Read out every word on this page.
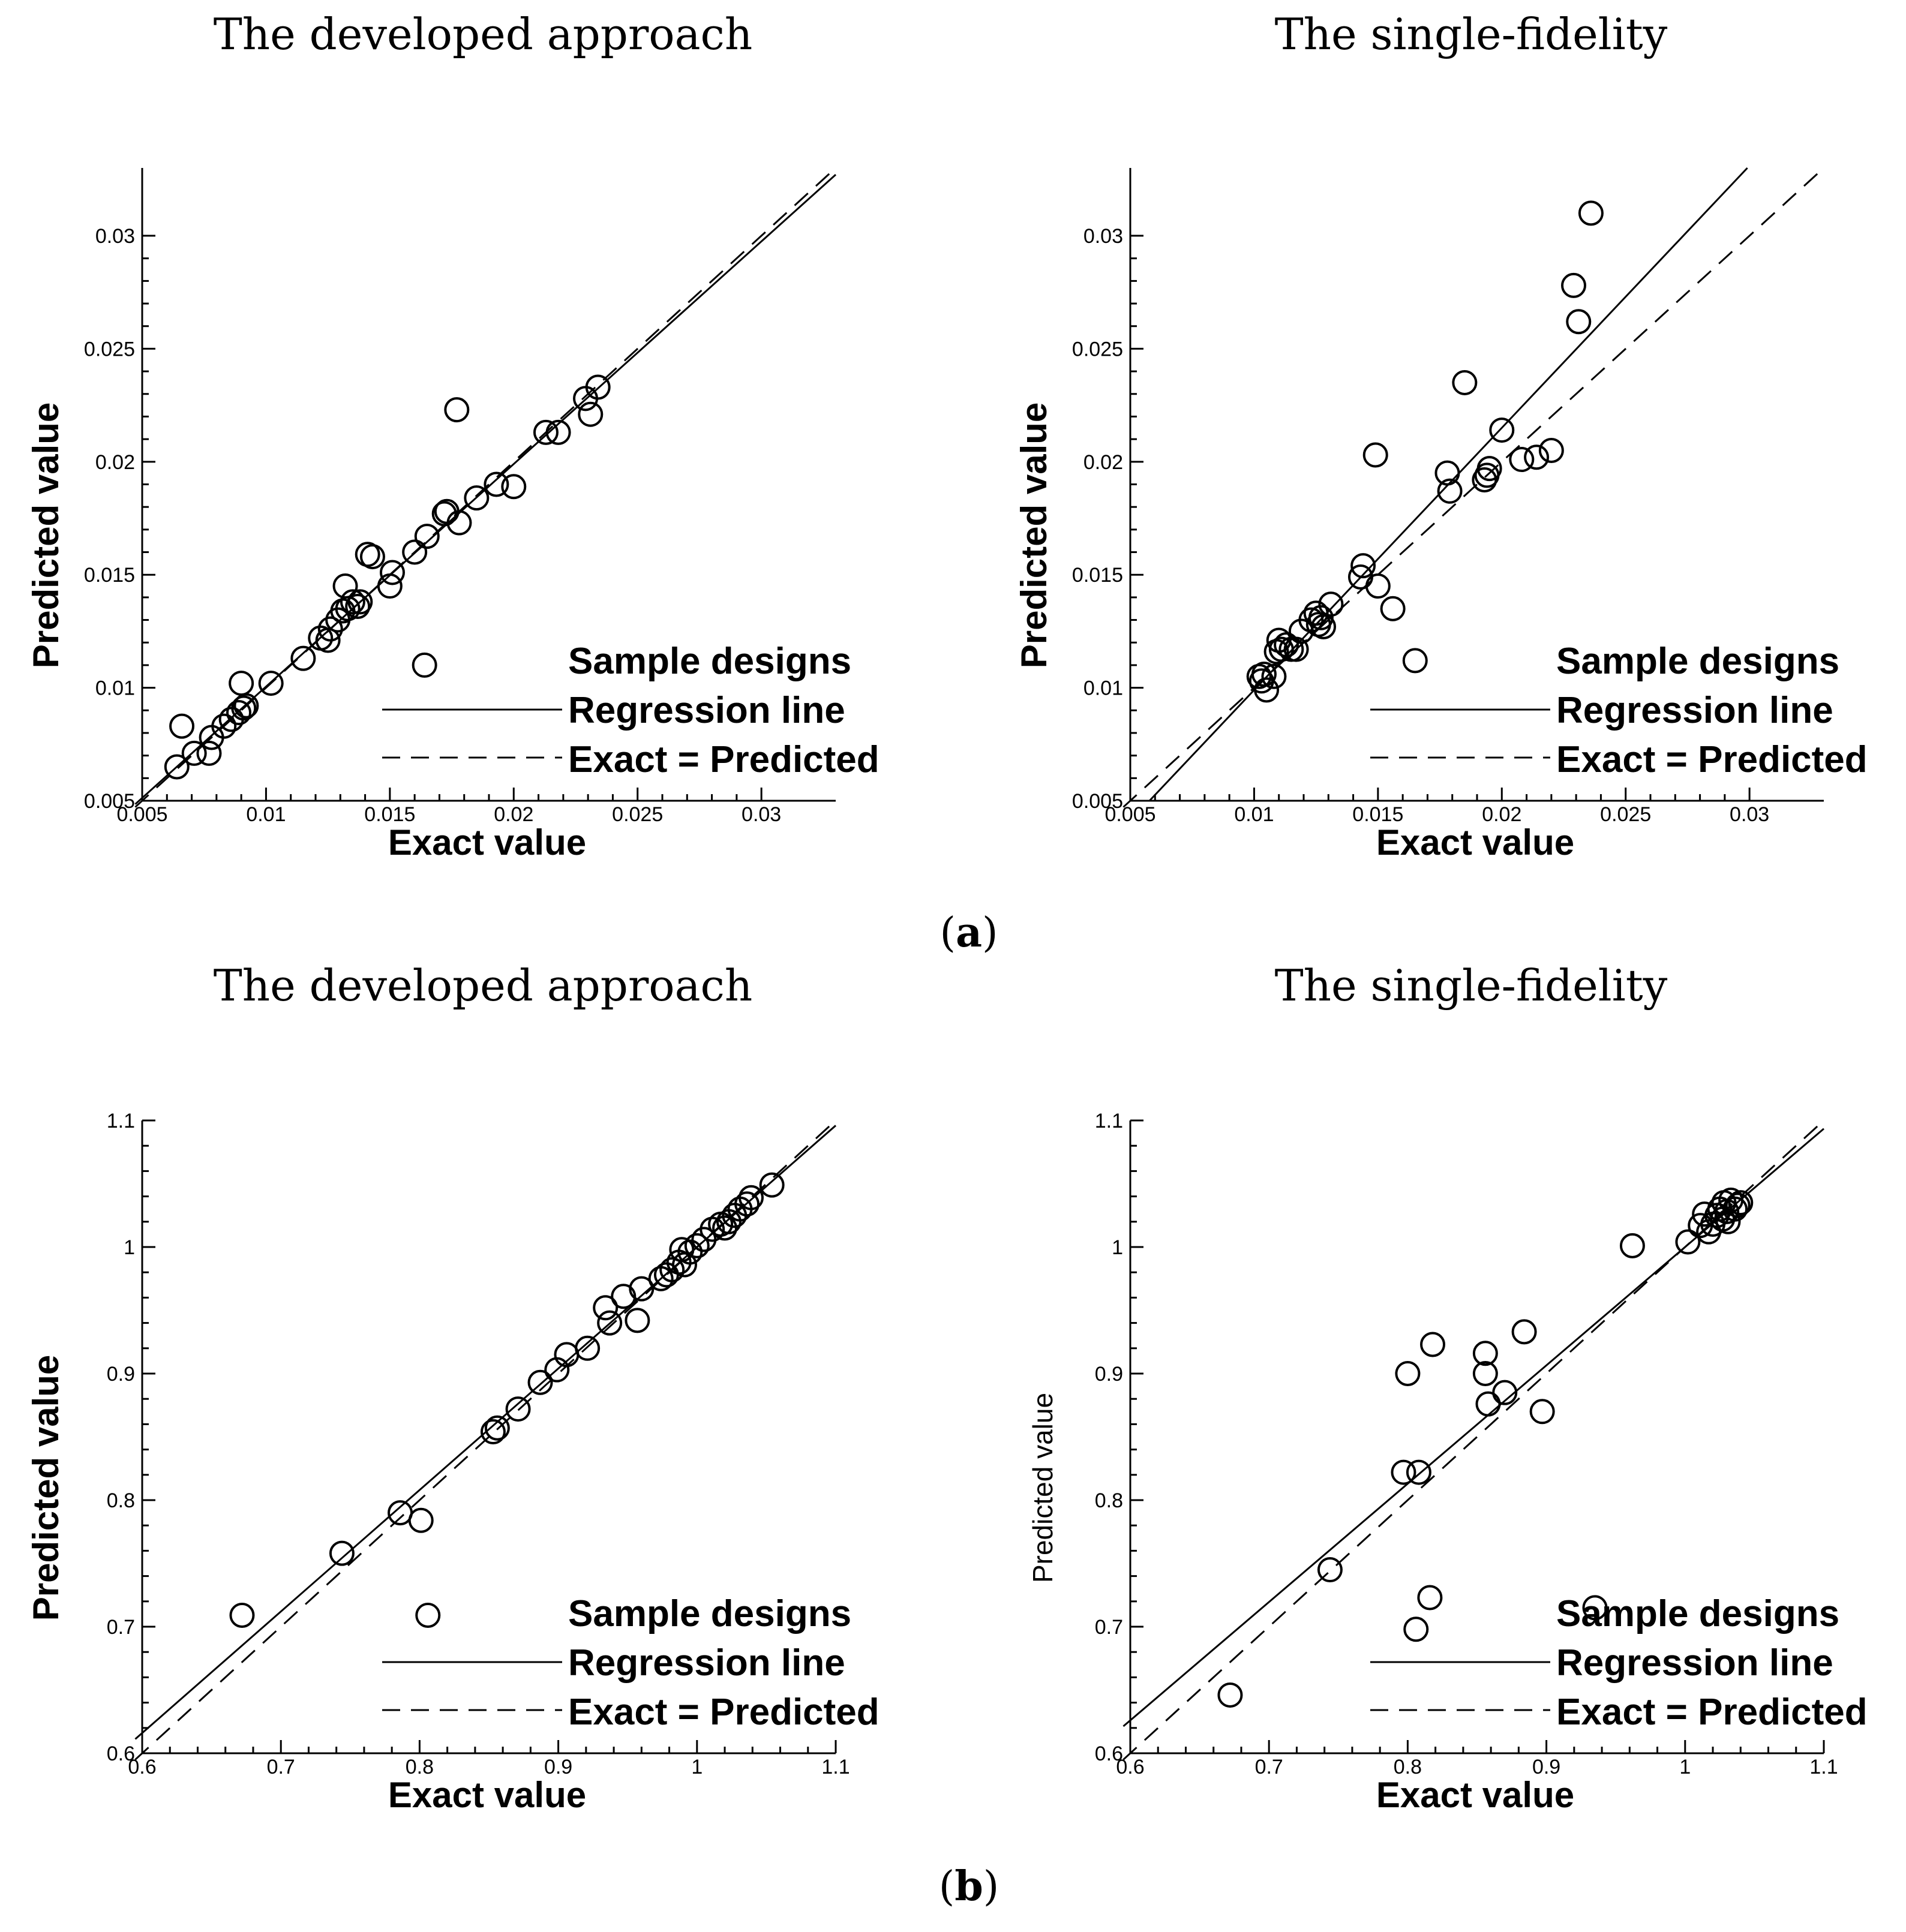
The developed approach
0.005
0.005
0.01
0.01
0.015
0.015
0.02
0.02
0.025
0.025
0.03
0.03
Exact value
Predicted value	Sample designs
Regression line
Exact = Predicted
The single-fidelity
0.005
0.005
0.01
0.01
0.015
0.015
0.02
0.02
0.025
0.025
0.03
0.03
Exact value
Predicted value	Sample designs
Regression line
Exact = Predicted
The developed approach
0.6
0.6
0.7
0.7
0.8
0.8
0.9
0.9
1
1
1.1
1.1
Exact value
Predicted value	Sample designs
Regression line
Exact = Predicted
The single-fidelity
0.6
0.6
0.7
0.7
0.8
0.8
0.9
0.9
1
1
1.1
1.1
Exact value
Predicted value
Sample designs
Regression line
Exact = Predicted
(a)
(b)
